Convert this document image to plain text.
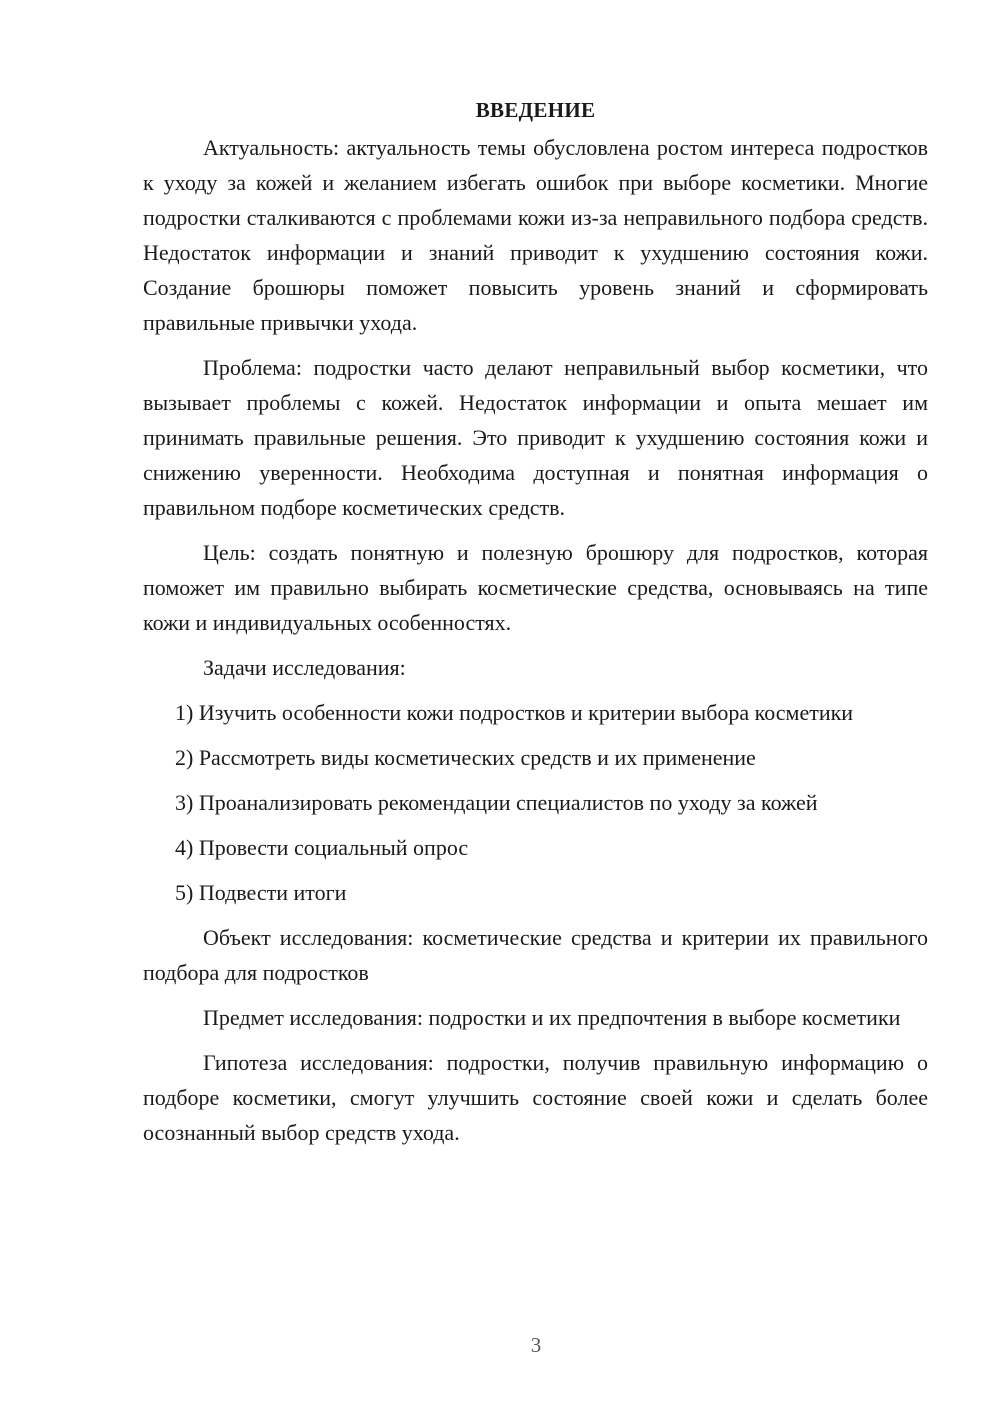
ВВЕДЕНИЕ

Актуальность: актуальность темы обусловлена ростом интереса подростков к уходу за кожей и желанием избегать ошибок при выборе косметики. Многие подростки сталкиваются с проблемами кожи из-за неправильного подбора средств. Недостаток информации и знаний приводит к ухудшению состояния кожи. Создание брошюры поможет повысить уровень знаний и сформировать правильные привычки ухода.

Проблема: подростки часто делают неправильный выбор косметики, что вызывает проблемы с кожей. Недостаток информации и опыта мешает им принимать правильные решения. Это приводит к ухудшению состояния кожи и снижению уверенности. Необходима доступная и понятная информация о правильном подборе косметических средств.

Цель: создать понятную и полезную брошюру для подростков, которая поможет им правильно выбирать косметические средства, основываясь на типе кожи и индивидуальных особенностях.

Задачи исследования:

1) Изучить особенности кожи подростков и критерии выбора косметики

2) Рассмотреть виды косметических средств и их применение

3) Проанализировать рекомендации специалистов по уходу за кожей

4) Провести социальный опрос

5) Подвести итоги

Объект исследования: косметические средства и критерии их правильного подбора для подростков

Предмет исследования: подростки и их предпочтения в выборе косметики

Гипотеза исследования: подростки, получив правильную информацию о подборе косметики, смогут улучшить состояние своей кожи и сделать более осознанный выбор средств ухода.

3
